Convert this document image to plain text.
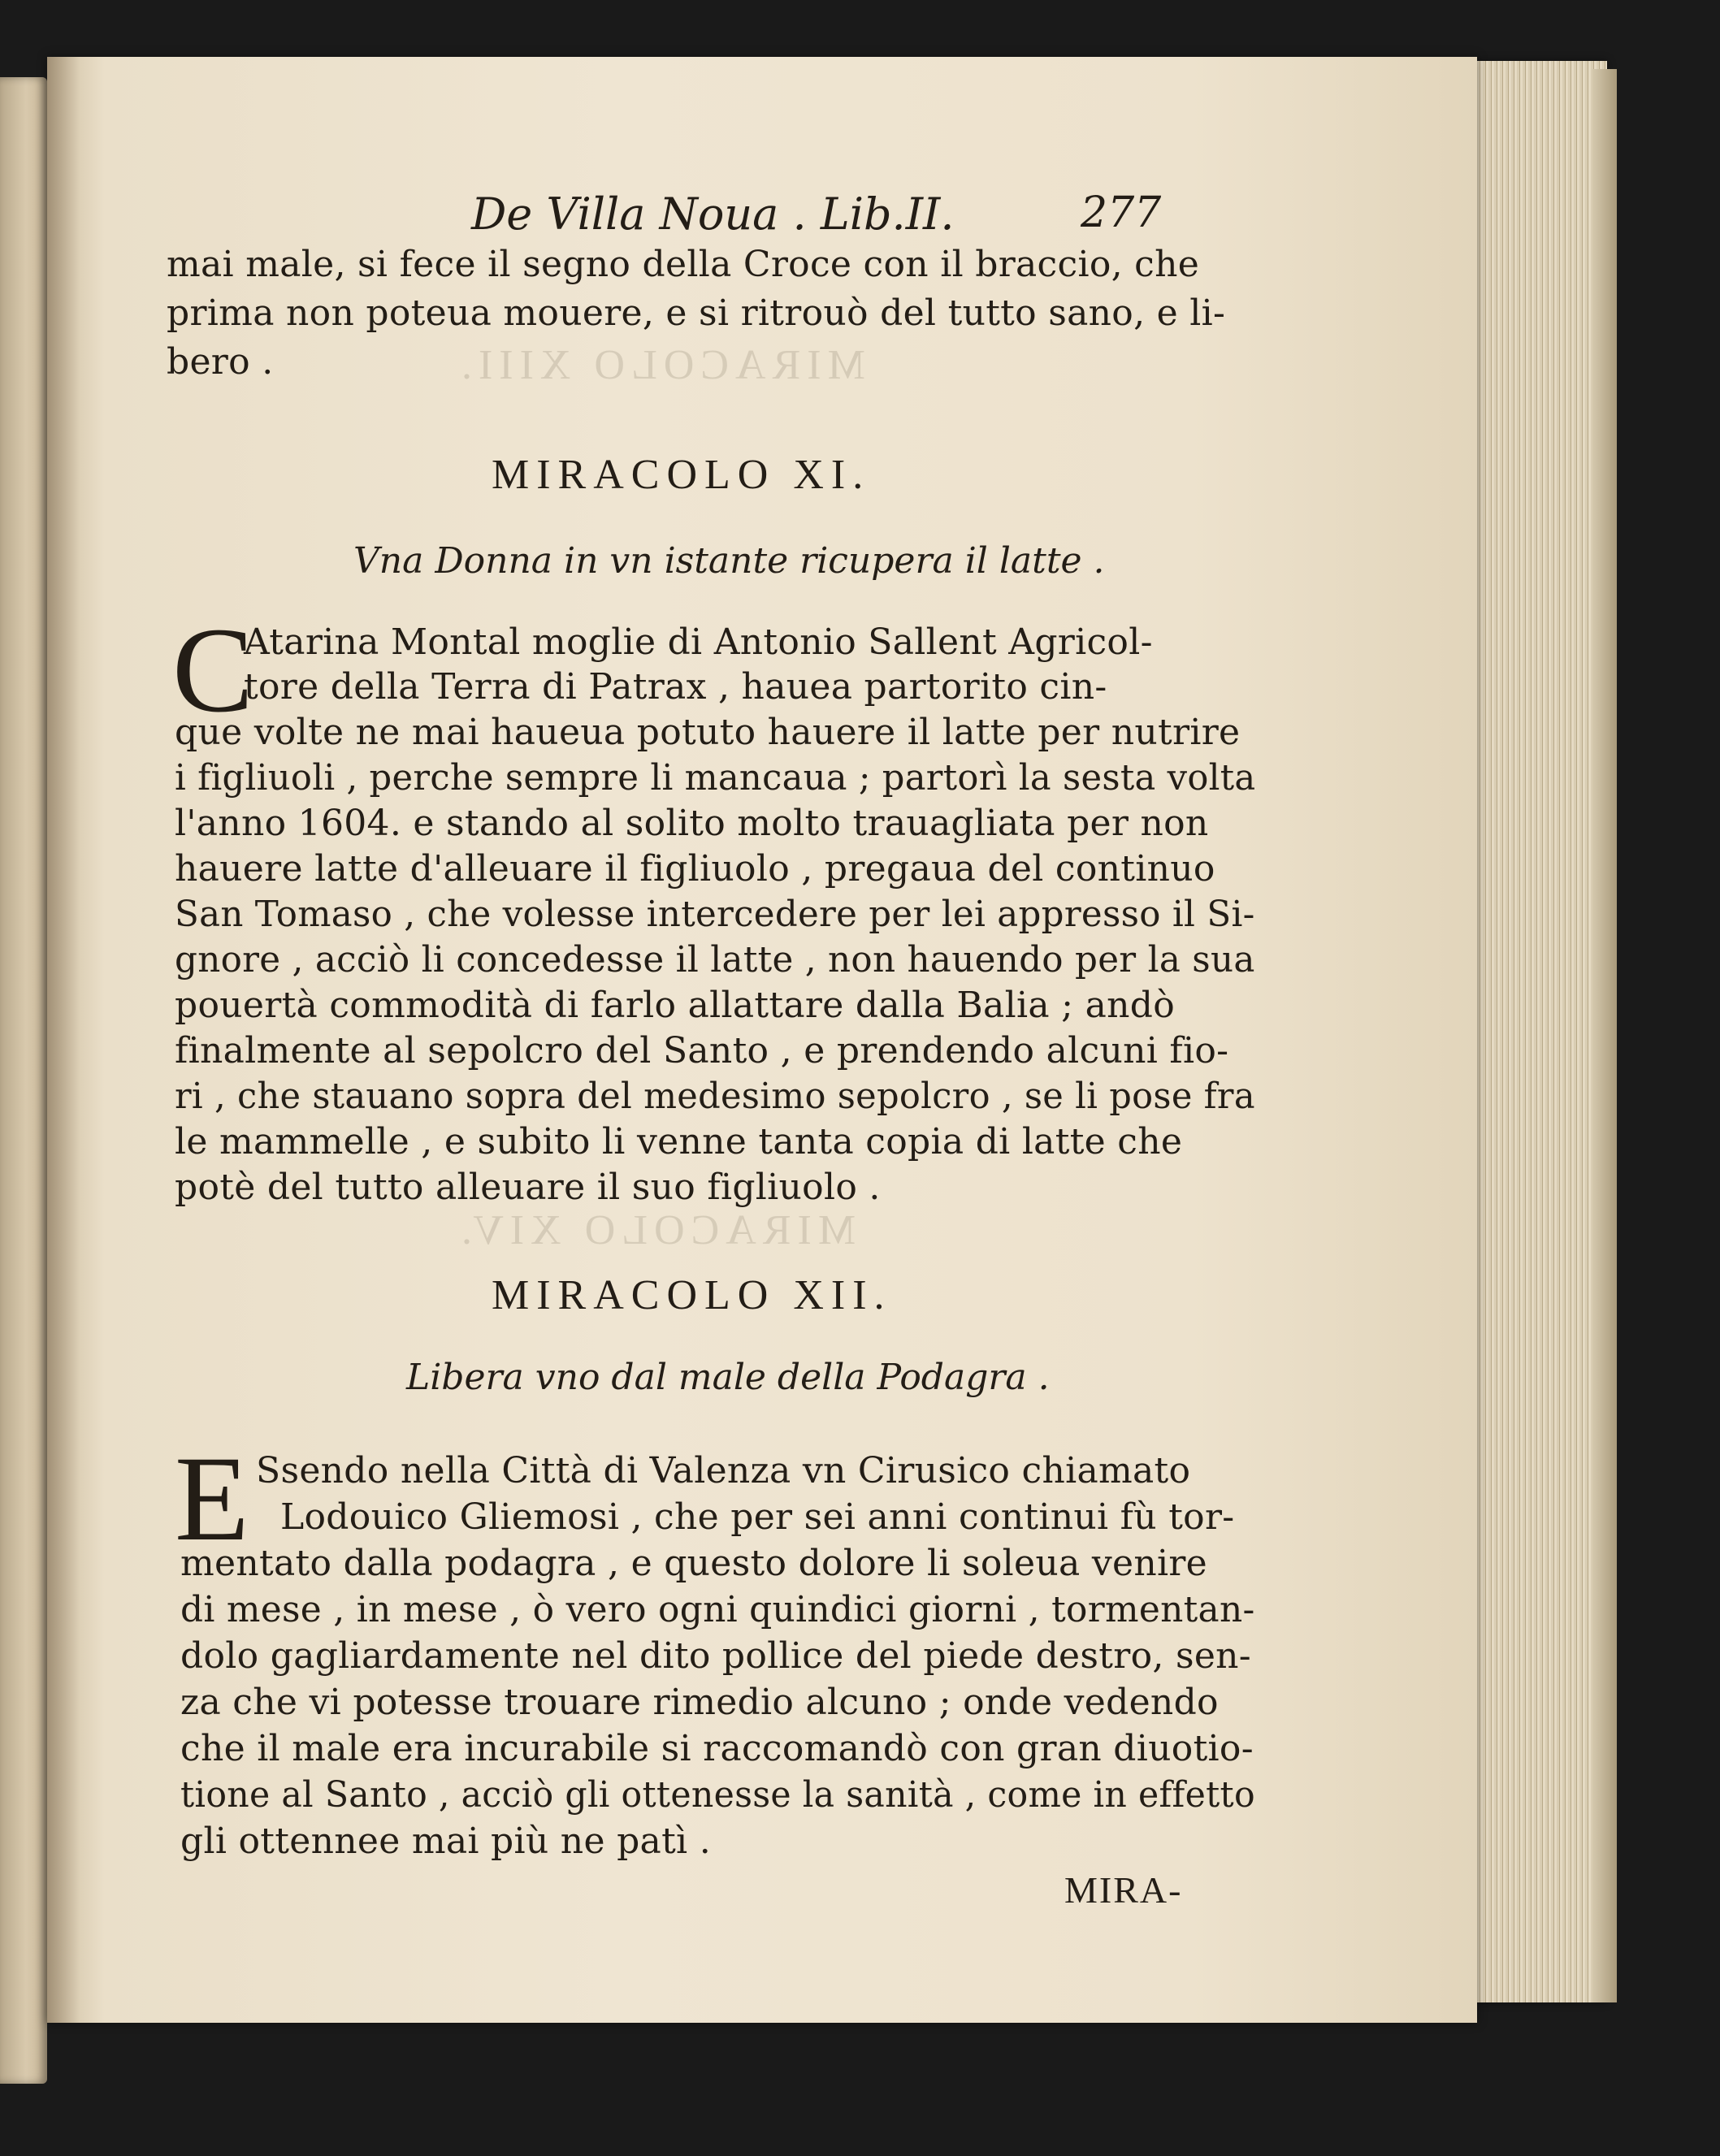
MIRACOLO XIII.
MIRACOLO XIV.
De Villa Noua . Lib.II.	277
mai male, si fece il segno della Croce con il braccio, che
prima non poteua mouere, e si ritrouò del tutto sano, e li-
bero .
MIRACOLO XI.
Vna Donna in vn istante ricupera il latte .
C
Atarina Montal moglie di Antonio Sallent Agricol-
tore della Terra di Patrax , hauea partorito cin-
que volte ne mai haueua potuto hauere il latte per nutrire
i figliuoli , perche sempre li mancaua ; partorì la sesta volta
l'anno 1604. e stando al solito molto trauagliata per non
hauere latte d'alleuare il figliuolo , pregaua del continuo
San Tomaso , che volesse intercedere per lei appresso il Si-
gnore , acciò li concedesse il latte , non hauendo per la sua
pouertà commodità di farlo allattare dalla Balia ; andò
finalmente al sepolcro del Santo , e prendendo alcuni fio-
ri , che stauano sopra del medesimo sepolcro , se li pose fra
le mammelle , e subito li venne tanta copia di latte che
potè del tutto alleuare il suo figliuolo .
MIRACOLO XII.
Libera vno dal male della Podagra .
E Ssendo nella Città di Valenza vn Cirusico chiamato
Lodouico Gliemosi , che per sei anni continui fù tor-
mentato dalla podagra , e questo dolore li soleua venire
di mese , in mese , ò vero ogni quindici giorni , tormentan-
dolo gagliardamente nel dito pollice del piede destro, sen-
za che vi potesse trouare rimedio alcuno ; onde vedendo
che il male era incurabile si raccomandò con gran diuotio-
tione al Santo , acciò gli ottenesse la sanità , come in effetto
gli ottennee mai più ne patì .
MIRA-
